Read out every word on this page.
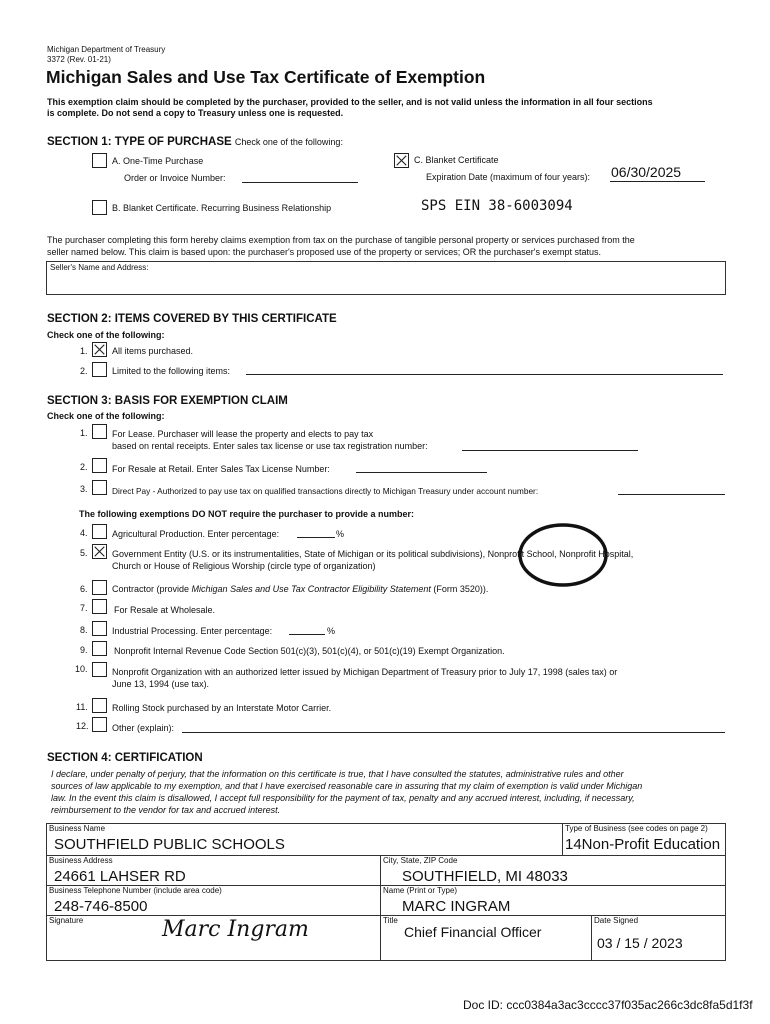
Michigan Department of Treasury
3372 (Rev. 01-21)
Michigan Sales and Use Tax Certificate of Exemption
This exemption claim should be completed by the purchaser, provided to the seller, and is not valid unless the information in all four sections
is complete. Do not send a copy to Treasury unless one is requested.
SECTION 1: TYPE OF PURCHASE Check one of the following:
A. One-Time Purchase
Order or Invoice Number:
B. Blanket Certificate. Recurring Business Relationship
C. Blanket Certificate
Expiration Date (maximum of four years): 06/30/2025
SPS EIN 38-6003094
The purchaser completing this form hereby claims exemption from tax on the purchase of tangible personal property or services purchased from the
seller named below. This claim is based upon: the purchaser's proposed use of the property or services; OR the purchaser's exempt status.
Seller's Name and Address:
SECTION 2: ITEMS COVERED BY THIS CERTIFICATE
Check one of the following:
1.	All items purchased.
2.	Limited to the following items:
SECTION 3: BASIS FOR EXEMPTION CLAIM
Check one of the following:
1.	For Lease. Purchaser will lease the property and elects to pay tax
based on rental receipts. Enter sales tax license or use tax registration number:
2.	For Resale at Retail. Enter Sales Tax License Number:
3.	Direct Pay - Authorized to pay use tax on qualified transactions directly to Michigan Treasury under account number:
The following exemptions DO NOT require the purchaser to provide a number:
4.	Agricultural Production. Enter percentage:	%
5.	Government Entity (U.S. or its instrumentalities, State of Michigan or its political subdivisions), Nonprofit School, Nonprofit Hospital,
Church or House of Religious Worship (circle type of organization)
6.	Contractor (provide Michigan Sales and Use Tax Contractor Eligibility Statement (Form 3520)).
7.	For Resale at Wholesale.
8.	Industrial Processing. Enter percentage:	%
9.	Nonprofit Internal Revenue Code Section 501(c)(3), 501(c)(4), or 501(c)(19) Exempt Organization.
10.	Nonprofit Organization with an authorized letter issued by Michigan Department of Treasury prior to July 17, 1998 (sales tax) or
June 13, 1994 (use tax).
11.	Rolling Stock purchased by an Interstate Motor Carrier.
12.	Other (explain):
SECTION 4: CERTIFICATION
I declare, under penalty of perjury, that the information on this certificate is true, that I have consulted the statutes, administrative rules and other
sources of law applicable to my exemption, and that I have exercised reasonable care in assuring that my claim of exemption is valid under Michigan
law. In the event this claim is disallowed, I accept full responsibility for the payment of tax, penalty and any accrued interest, including, if necessary,
reimbursement to the vendor for tax and accrued interest.
Business Name
SOUTHFIELD PUBLIC SCHOOLS
Type of Business (see codes on page 2)
14Non-Profit Education
Business Address
24661 LAHSER RD
City, State, ZIP Code
SOUTHFIELD, MI 48033
Business Telephone Number (include area code)
248-746-8500
Name (Print or Type)
MARC INGRAM
Signature	Marc Ingram	Title
Chief Financial Officer
Date Signed
03 / 15 / 2023
Doc ID: ccc0384a3ac3cccc37f035ac266c3dc8fa5d1f3f
